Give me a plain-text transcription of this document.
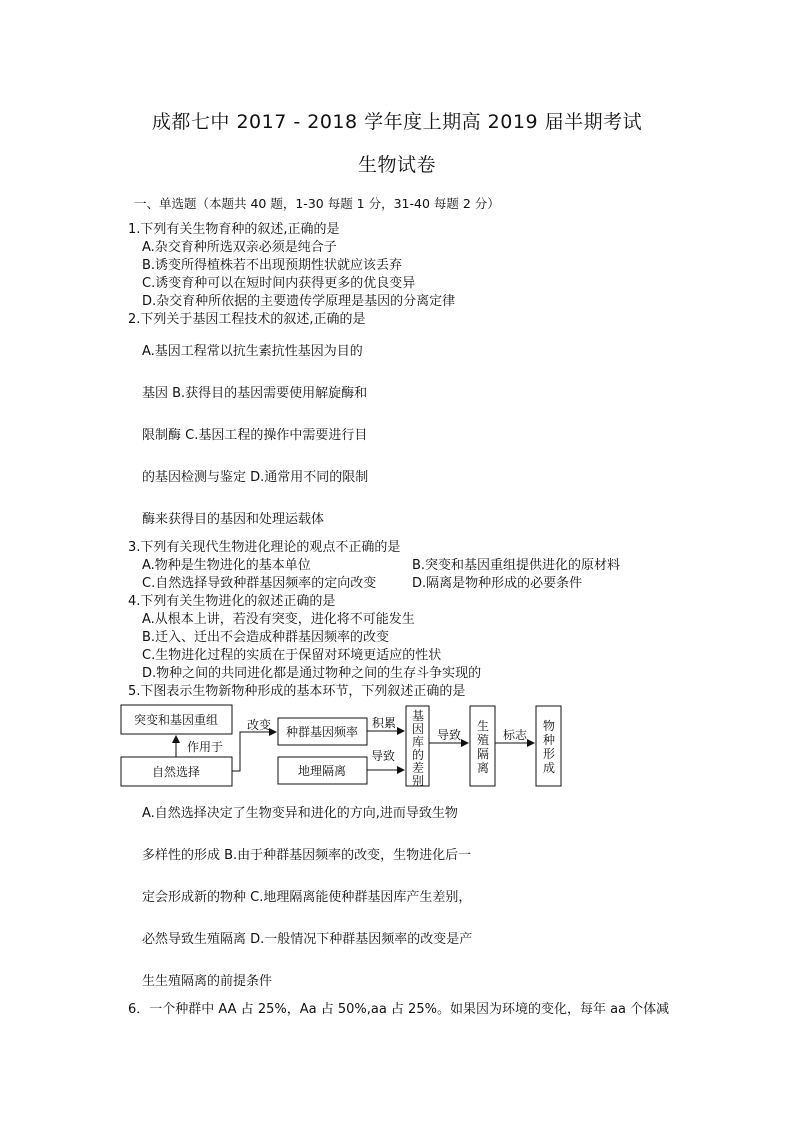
成都七中 2017 - 2018 学年度上期高 2019 届半期考试
生物试卷
一、单选题（本题共 40 题，1-30 每题 1 分，31-40 每题 2 分）
1.下列有关生物育种的叙述,正确的是
A.杂交育种所选双亲必须是纯合子
B.诱变所得植株若不出现预期性状就应该丢弃
C.诱变育种可以在短时间内获得更多的优良变异
D.杂交育种所依据的主要遗传学原理是基因的分离定律
2.下列关于基因工程技术的叙述,正确的是
A.基因工程常以抗生素抗性基因为目的
基因 B.获得目的基因需要使用解旋酶和
限制酶 C.基因工程的操作中需要进行目
的基因检测与鉴定 D.通常用不同的限制
酶来获得目的基因和处理运载体
3.下列有关现代生物进化理论的观点不正确的是
A.物种是生物进化的基本单位	B.突变和基因重组提供进化的原材料
C.自然选择导致种群基因频率的定向改变	D.隔离是物种形成的必要条件
4.下列有关生物进化的叙述正确的是
A.从根本上讲，若没有突变，进化将不可能发生
B.迁入、迁出不会造成种群基因频率的改变
C.生物进化过程的实质在于保留对环境更适应的性状
D.物种之间的共同进化都是通过物种之间的生存斗争实现的
5.下图表示生物新物种形成的基本环节，下列叙述正确的是
突变和基因重组
自然选择
作用于
改变 种群基因频率
地理隔离
积累
导致
导致	标志
基因库的差别
生殖隔离
物种形成
A.自然选择决定了生物变异和进化的方向,进而导致生物
多样性的形成 B.由于种群基因频率的改变，生物进化后一
定会形成新的物种 C.地理隔离能使种群基因库产生差别，
必然导致生殖隔离 D.一般情况下种群基因频率的改变是产
生生殖隔离的前提条件
6．一个种群中 AA 占 25%，Aa 占 50%,aa 占 25%。如果因为环境的变化，每年 aa 个体减
